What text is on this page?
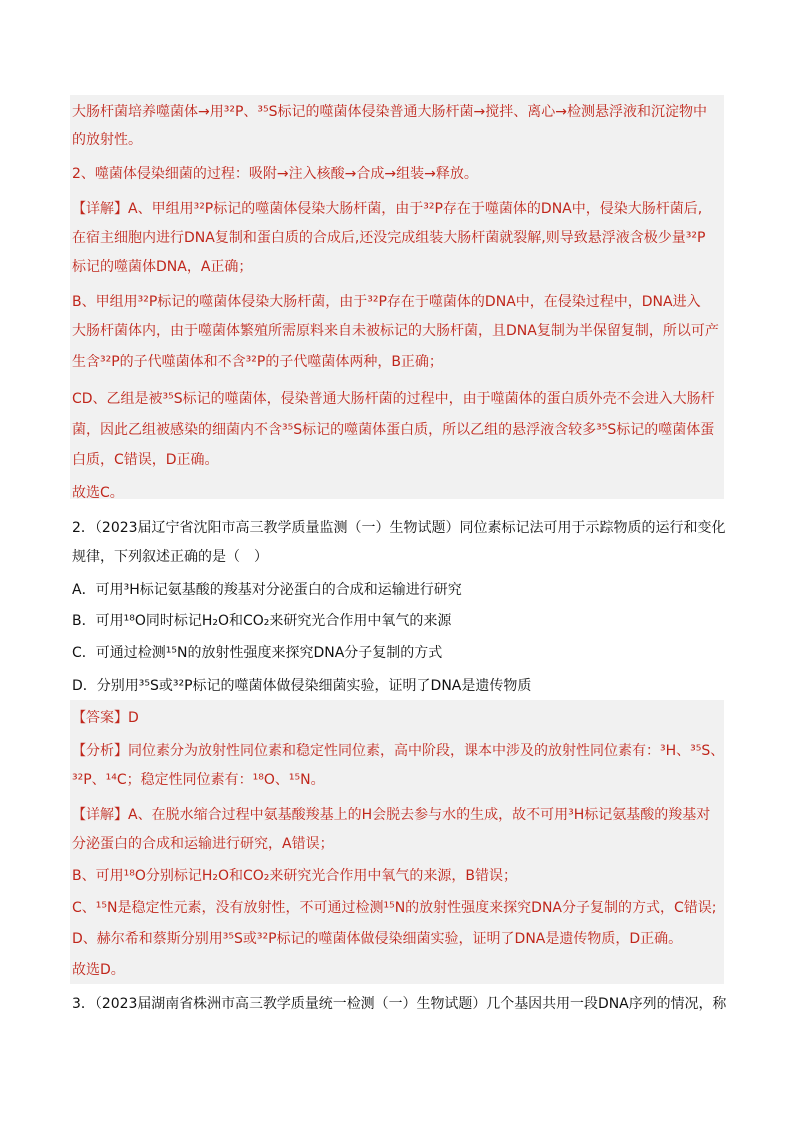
大肠杆菌培养噬菌体→用³²P、³⁵S标记的噬菌体侵染普通大肠杆菌→搅拌、离心→检测悬浮液和沉淀物中
的放射性。
2、噬菌体侵染细菌的过程：吸附→注入核酸→合成→组装→释放。
【详解】A、甲组用³²P标记的噬菌体侵染大肠杆菌，由于³²P存在于噬菌体的DNA中，侵染大肠杆菌后,
在宿主细胞内进行DNA复制和蛋白质的合成后,还没完成组装大肠杆菌就裂解,则导致悬浮液含极少量³²P
标记的噬菌体DNA，A正确；
B、甲组用³²P标记的噬菌体侵染大肠杆菌，由于³²P存在于噬菌体的DNA中，在侵染过程中，DNA进入
大肠杆菌体内，由于噬菌体繁殖所需原料来自未被标记的大肠杆菌，且DNA复制为半保留复制，所以可产
生含³²P的子代噬菌体和不含³²P的子代噬菌体两种，B正确；
CD、乙组是被³⁵S标记的噬菌体，侵染普通大肠杆菌的过程中，由于噬菌体的蛋白质外壳不会进入大肠杆
菌，因此乙组被感染的细菌内不含³⁵S标记的噬菌体蛋白质，所以乙组的悬浮液含较多³⁵S标记的噬菌体蛋
白质，C错误，D正确。
故选C。
2．（2023届辽宁省沈阳市高三教学质量监测（一）生物试题）同位素标记法可用于示踪物质的运行和变化
规律，下列叙述正确的是（　）
A．可用³H标记氨基酸的羧基对分泌蛋白的合成和运输进行研究
B．可用¹⁸O同时标记H₂O和CO₂来研究光合作用中氧气的来源
C．可通过检测¹⁵N的放射性强度来探究DNA分子复制的方式
D．分别用³⁵S或³²P标记的噬菌体做侵染细菌实验，证明了DNA是遗传物质
【答案】D
【分析】同位素分为放射性同位素和稳定性同位素，高中阶段，课本中涉及的放射性同位素有：³H、³⁵S、
³²P、¹⁴C；稳定性同位素有：¹⁸O、¹⁵N。
【详解】A、在脱水缩合过程中氨基酸羧基上的H会脱去参与水的生成，故不可用³H标记氨基酸的羧基对
分泌蛋白的合成和运输进行研究，A错误；
B、可用¹⁸O分别标记H₂O和CO₂来研究光合作用中氧气的来源，B错误；
C、¹⁵N是稳定性元素，没有放射性，不可通过检测¹⁵N的放射性强度来探究DNA分子复制的方式，C错误;
D、赫尔希和蔡斯分别用³⁵S或³²P标记的噬菌体做侵染细菌实验，证明了DNA是遗传物质，D正确。
故选D。
3．（2023届湖南省株洲市高三教学质量统一检测（一）生物试题）几个基因共用一段DNA序列的情况，称
